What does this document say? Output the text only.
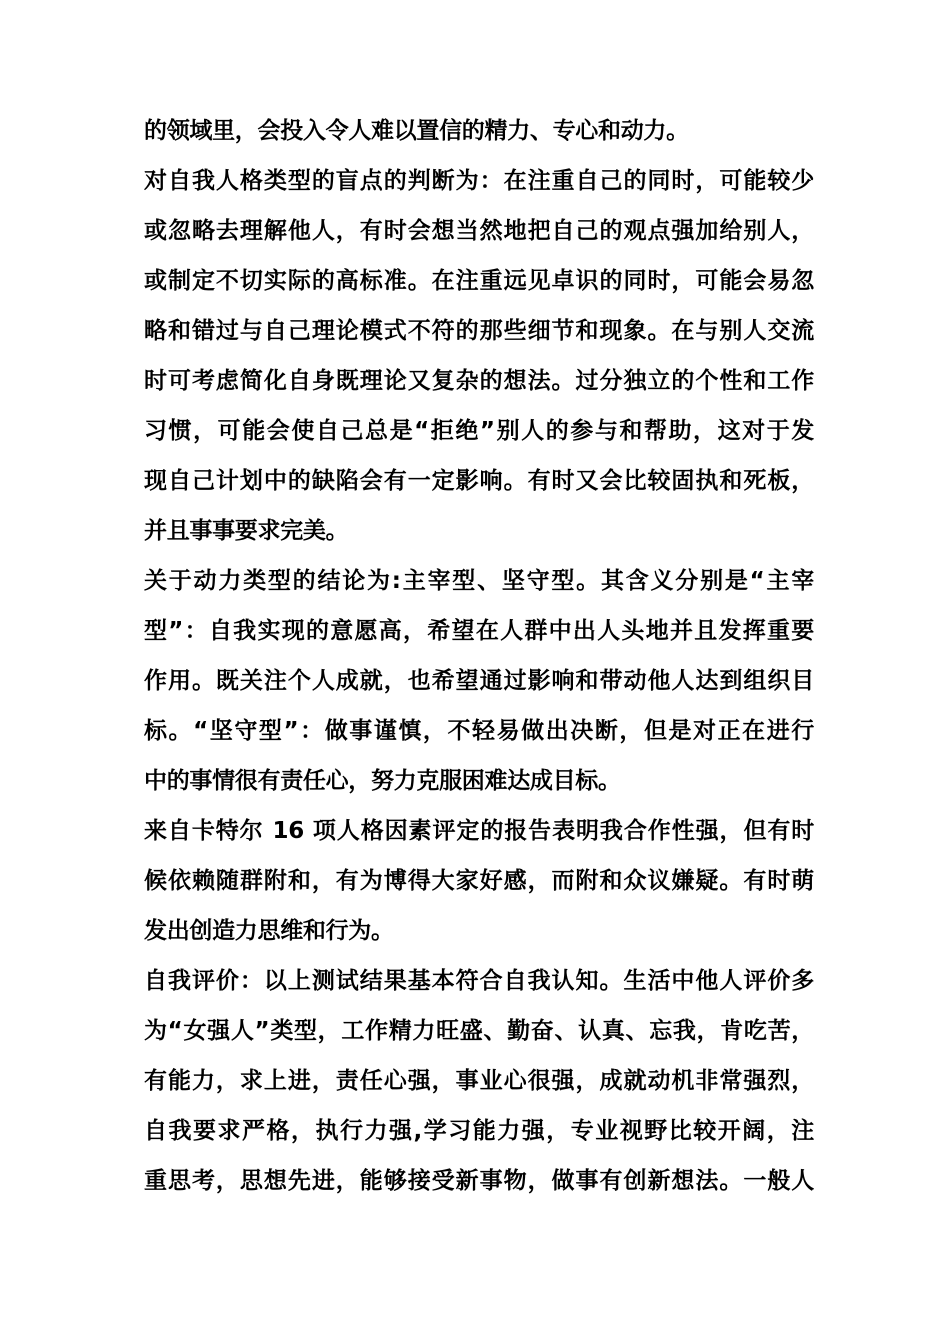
的领域里，会投入令人难以置信的精力、专心和动力。
对自我人格类型的盲点的判断为：在注重自己的同时，可能较少
或忽略去理解他人，有时会想当然地把自己的观点强加给别人，
或制定不切实际的高标准。在注重远见卓识的同时，可能会易忽
略和错过与自己理论模式不符的那些细节和现象。在与别人交流
时可考虑简化自身既理论又复杂的想法。过分独立的个性和工作
习惯，可能会使自己总是“拒绝”别人的参与和帮助，这对于发
现自己计划中的缺陷会有一定影响。有时又会比较固执和死板，
并且事事要求完美。
关于动力类型的结论为:主宰型、坚守型。其含义分别是“主宰
型”：自我实现的意愿高，希望在人群中出人头地并且发挥重要
作用。既关注个人成就，也希望通过影响和带动他人达到组织目
标。“坚守型”：做事谨慎，不轻易做出决断，但是对正在进行
中的事情很有责任心，努力克服困难达成目标。
来自卡特尔 16 项人格因素评定的报告表明我合作性强，但有时
候依赖随群附和，有为博得大家好感，而附和众议嫌疑。有时萌
发出创造力思维和行为。
自我评价：以上测试结果基本符合自我认知。生活中他人评价多
为“女强人”类型，工作精力旺盛、勤奋、认真、忘我，肯吃苦，
有能力，求上进，责任心强，事业心很强，成就动机非常强烈，
自我要求严格，执行力强,学习能力强，专业视野比较开阔，注
重思考，思想先进，能够接受新事物，做事有创新想法。一般人
